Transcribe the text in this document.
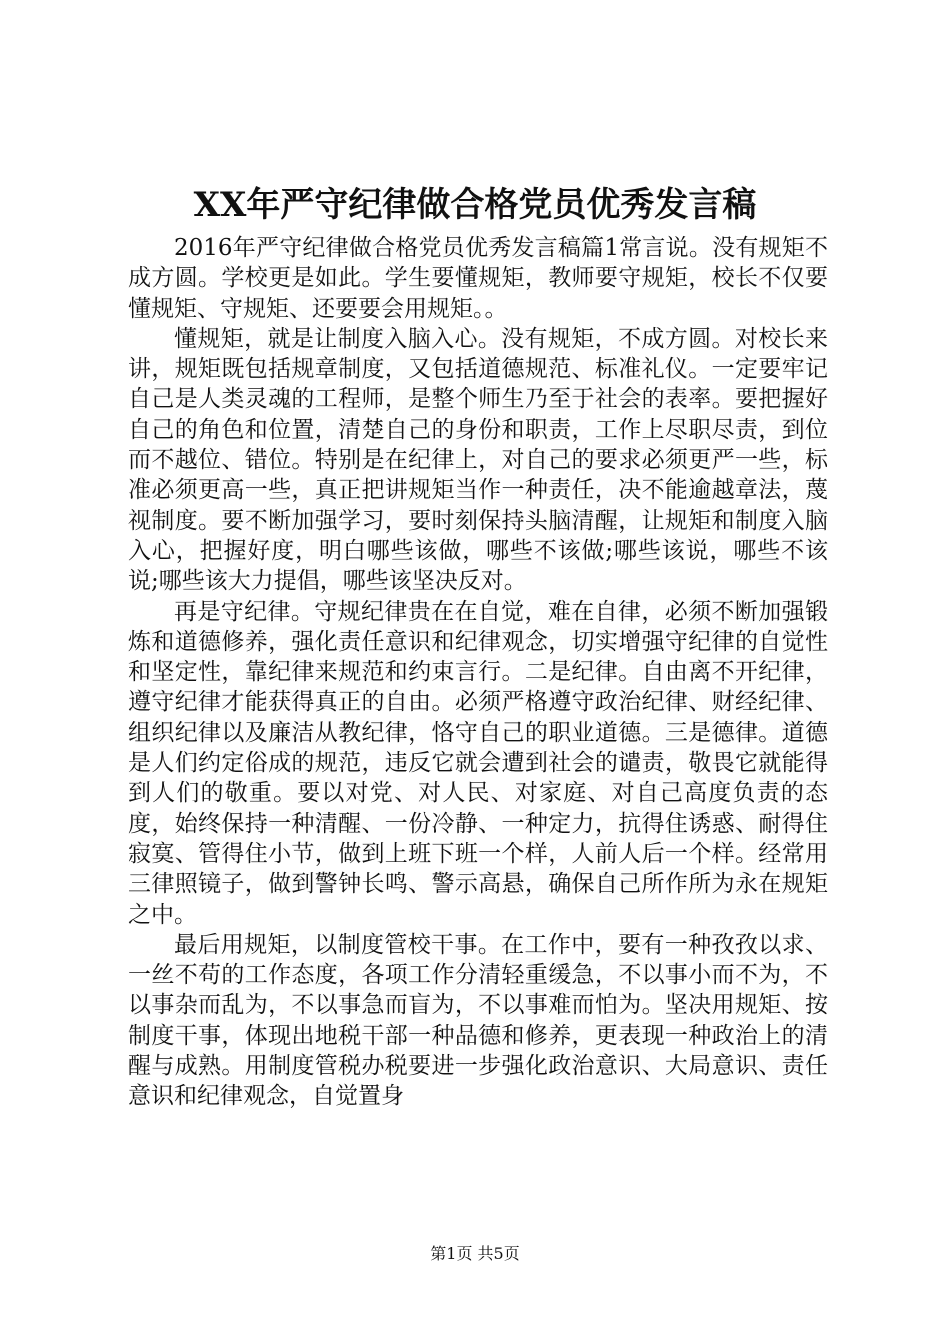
XX年严守纪律做合格党员优秀发言稿

2016年严守纪律做合格党员优秀发言稿篇1常言说。没有规矩不成方圆。学校更是如此。学生要懂规矩，教师要守规矩，校长不仅要懂规矩、守规矩、还要要会用规矩。。

懂规矩，就是让制度入脑入心。没有规矩，不成方圆。对校长来讲，规矩既包括规章制度，又包括道德规范、标准礼仪。一定要牢记自己是人类灵魂的工程师，是整个师生乃至于社会的表率。要把握好自己的角色和位置，清楚自己的身份和职责，工作上尽职尽责，到位而不越位、错位。特别是在纪律上，对自己的要求必须更严一些，标准必须更高一些，真正把讲规矩当作一种责任，决不能逾越章法，蔑视制度。要不断加强学习，要时刻保持头脑清醒，让规矩和制度入脑入心，把握好度，明白哪些该做，哪些不该做;哪些该说，哪些不该说;哪些该大力提倡，哪些该坚决反对。

再是守纪律。守规纪律贵在在自觉，难在自律，必须不断加强锻炼和道德修养，强化责任意识和纪律观念，切实增强守纪律的自觉性和坚定性，靠纪律来规范和约束言行。二是纪律。自由离不开纪律，遵守纪律才能获得真正的自由。必须严格遵守政治纪律、财经纪律、组织纪律以及廉洁从教纪律，恪守自己的职业道德。三是德律。道德是人们约定俗成的规范，违反它就会遭到社会的谴责，敬畏它就能得到人们的敬重。要以对党、对人民、对家庭、对自己高度负责的态度，始终保持一种清醒、一份冷静、一种定力，抗得住诱惑、耐得住寂寞、管得住小节，做到上班下班一个样，人前人后一个样。经常用三律照镜子，做到警钟长鸣、警示高悬，确保自己所作所为永在规矩之中。

最后用规矩，以制度管校干事。在工作中，要有一种孜孜以求、一丝不苟的工作态度，各项工作分清轻重缓急，不以事小而不为，不以事杂而乱为，不以事急而盲为，不以事难而怕为。坚决用规矩、按制度干事，体现出地税干部一种品德和修养，更表现一种政治上的清醒与成熟。用制度管税办税要进一步强化政治意识、大局意识、责任意识和纪律观念，自觉置身

第1页 共5页
